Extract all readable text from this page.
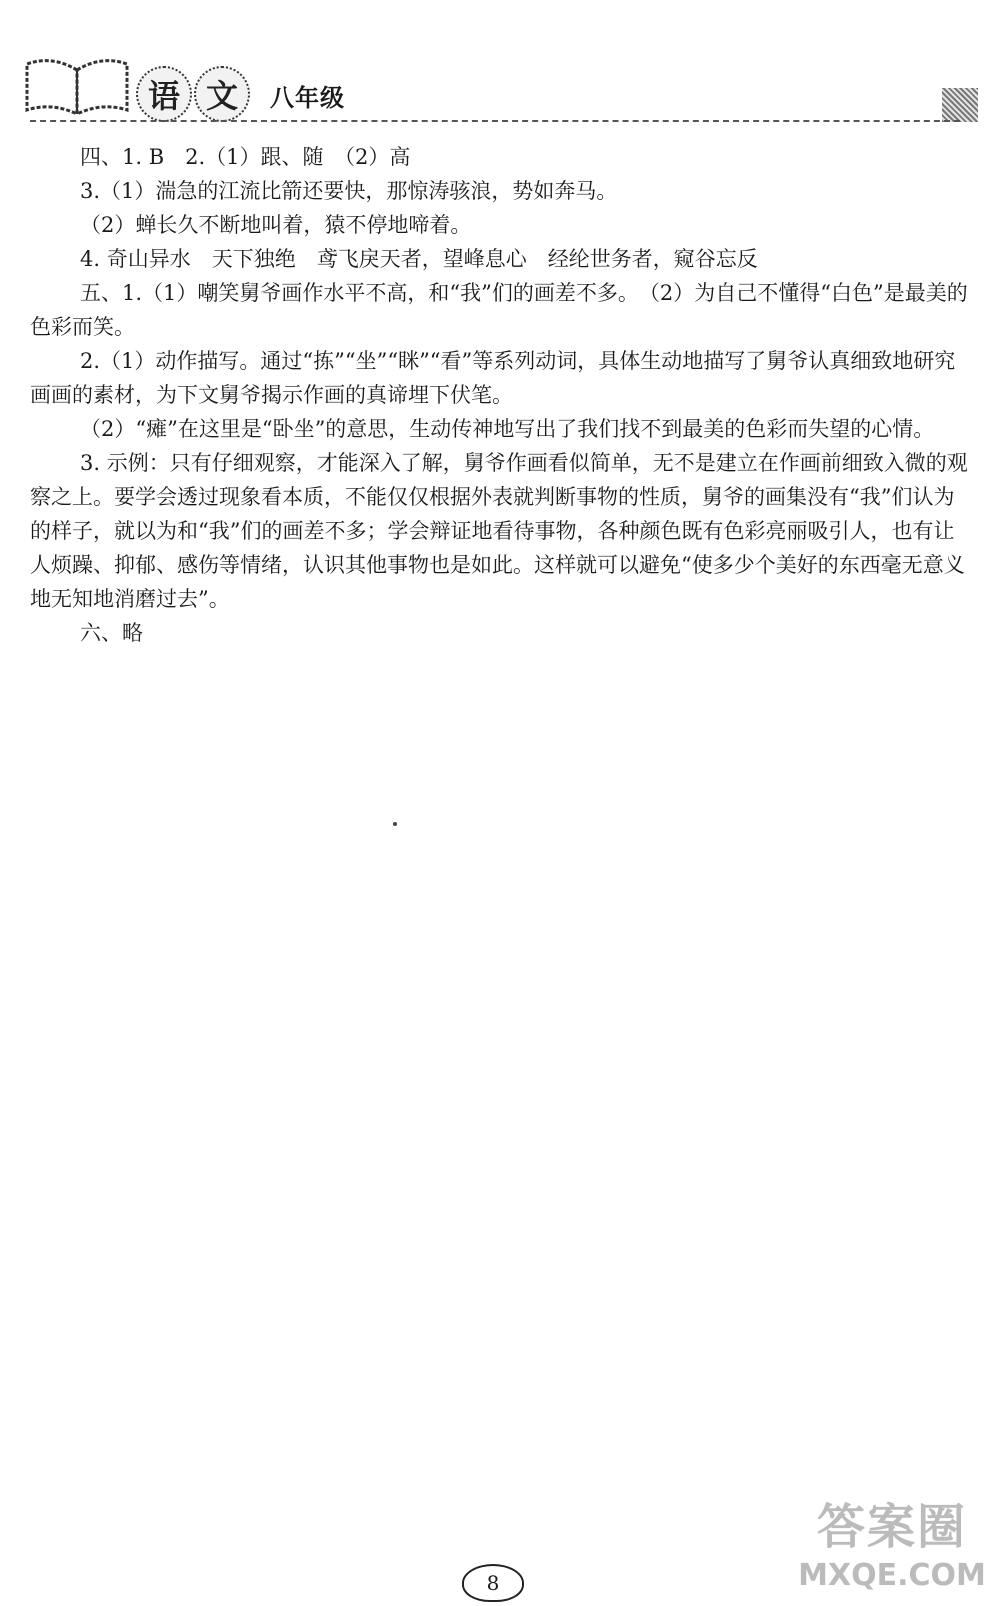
语 文	八年级

四、1. B　2.（1）跟、随　（2）高

3.（1）湍急的江流比箭还要快，那惊涛骇浪，势如奔马。

（2）蝉长久不断地叫着，猿不停地啼着。

4. 奇山异水　天下独绝　鸢飞戾天者，望峰息心　经纶世务者，窥谷忘反

五、1.（1）嘲笑舅爷画作水平不高，和“我”们的画差不多。　（2）为自己不懂得“白色”是最美的色彩而笑。

2.（1）动作描写。通过“拣”“坐”“眯”“看”等系列动词，具体生动地描写了舅爷认真细致地研究画画的素材，为下文舅爷揭示作画的真谛埋下伏笔。

（2）“瘫”在这里是“卧坐”的意思，生动传神地写出了我们找不到最美的色彩而失望的心情。

3. 示例：只有仔细观察，才能深入了解，舅爷作画看似简单，无不是建立在作画前细致入微的观察之上。要学会透过现象看本质，不能仅仅根据外表就判断事物的性质，舅爷的画集没有“我”们认为的样子，就以为和“我”们的画差不多；学会辩证地看待事物，各种颜色既有色彩亮丽吸引人，也有让人烦躁、抑郁、感伤等情绪，认识其他事物也是如此。这样就可以避免“使多少个美好的东西毫无意义地无知地消磨过去”。

六、略

8
答案圈
MXQE.COM
